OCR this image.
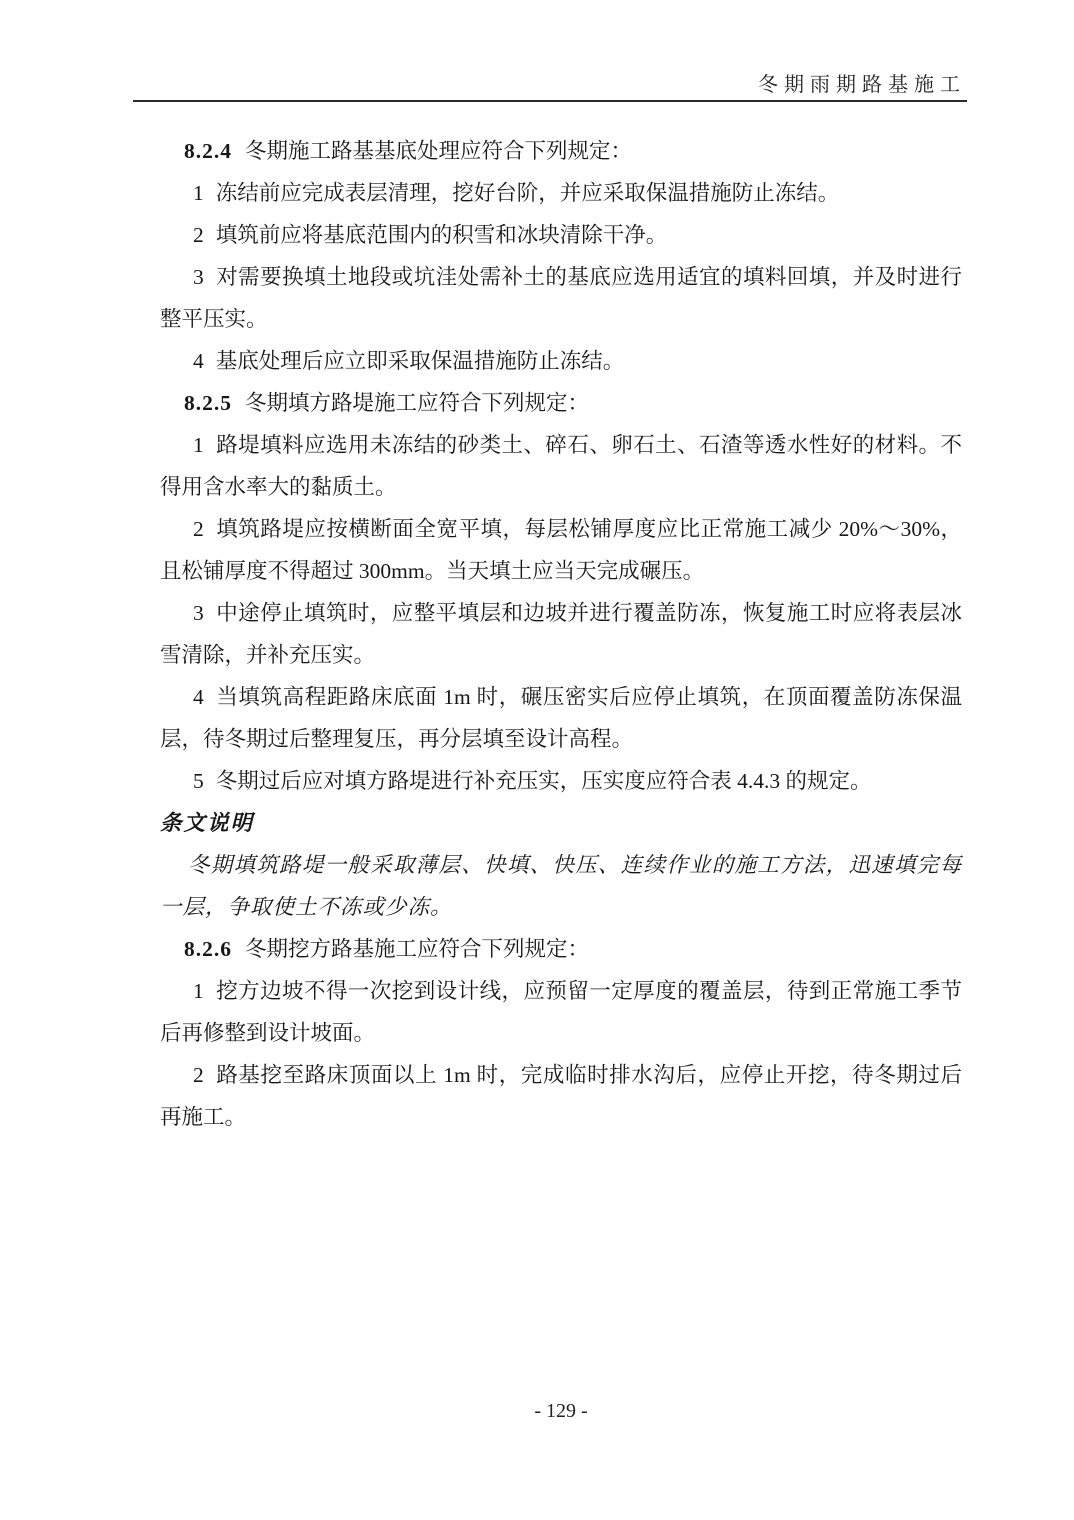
冬期雨期路基施工

8.2.4 冬期施工路基基底处理应符合下列规定：

1 冻结前应完成表层清理，挖好台阶，并应采取保温措施防止冻结。

2 填筑前应将基底范围内的积雪和冰块清除干净。

3 对需要换填土地段或坑洼处需补土的基底应选用适宜的填料回填，并及时进行整平压实。

4 基底处理后应立即采取保温措施防止冻结。

8.2.5 冬期填方路堤施工应符合下列规定：

1 路堤填料应选用未冻结的砂类土、碎石、卵石土、石渣等透水性好的材料。不得用含水率大的黏质土。

2 填筑路堤应按横断面全宽平填，每层松铺厚度应比正常施工减少 20%～30%，且松铺厚度不得超过 300mm。当天填土应当天完成碾压。

3 中途停止填筑时，应整平填层和边坡并进行覆盖防冻，恢复施工时应将表层冰雪清除，并补充压实。

4 当填筑高程距路床底面 1m 时，碾压密实后应停止填筑，在顶面覆盖防冻保温层，待冬期过后整理复压，再分层填至设计高程。

5 冬期过后应对填方路堤进行补充压实，压实度应符合表 4.4.3 的规定。

条文说明

冬期填筑路堤一般采取薄层、快填、快压、连续作业的施工方法，迅速填完每一层，争取使土不冻或少冻。

8.2.6 冬期挖方路基施工应符合下列规定：

1 挖方边坡不得一次挖到设计线，应预留一定厚度的覆盖层，待到正常施工季节后再修整到设计坡面。

2 路基挖至路床顶面以上 1m 时，完成临时排水沟后，应停止开挖，待冬期过后再施工。

- 129 -
